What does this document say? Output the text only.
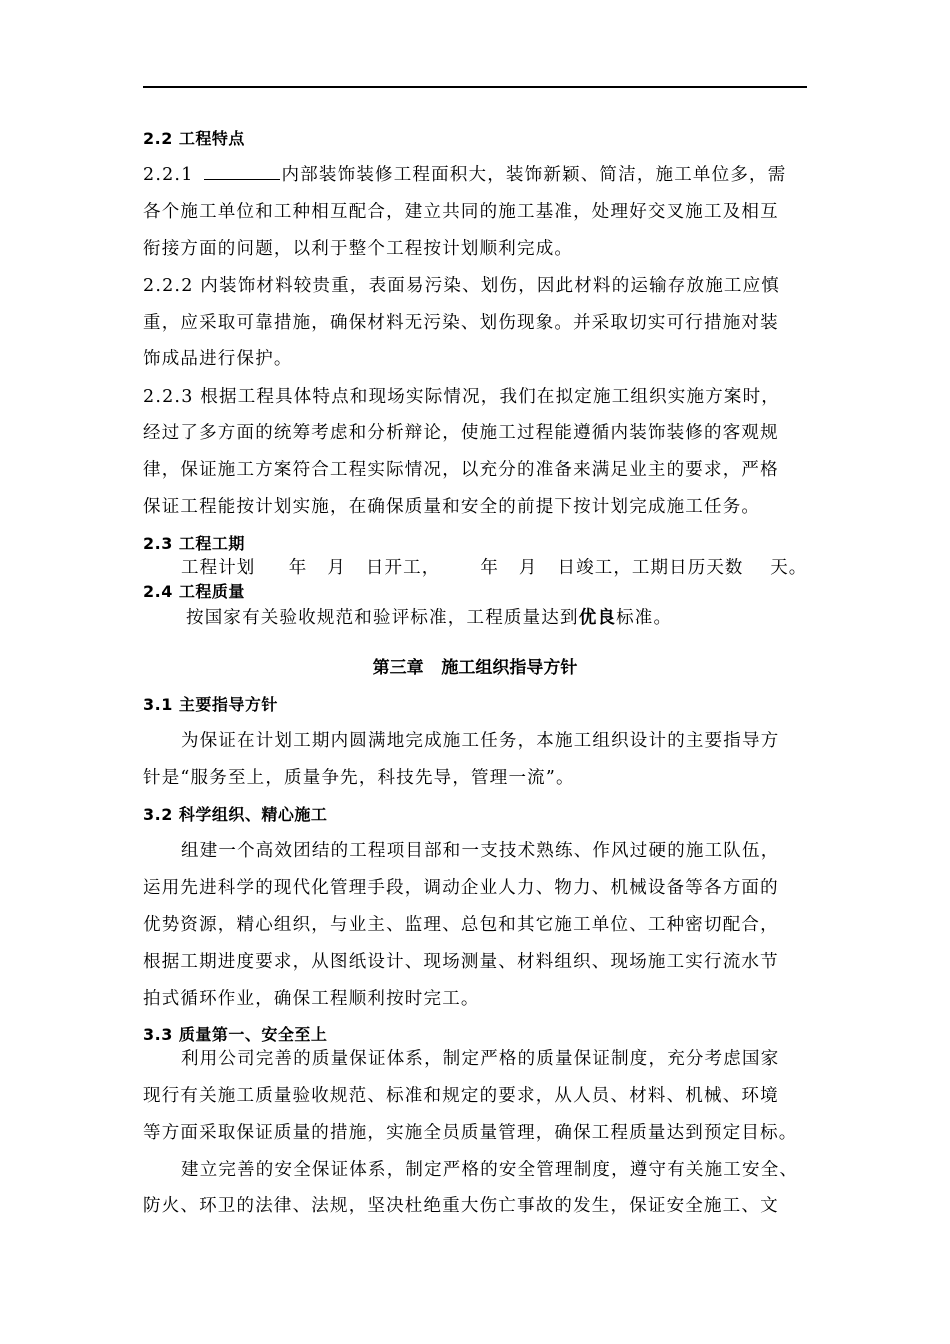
2.2 工程特点
2.2.1	内部装饰装修工程面积大，装饰新颖、简洁，施工单位多，需
各个施工单位和工种相互配合，建立共同的施工基准，处理好交叉施工及相互
衔接方面的问题，以利于整个工程按计划顺利完成。
2.2.2 内装饰材料较贵重，表面易污染、划伤，因此材料的运输存放施工应慎
重，应采取可靠措施，确保材料无污染、划伤现象。并采取切实可行措施对装
饰成品进行保护。
2.2.3 根据工程具体特点和现场实际情况，我们在拟定施工组织实施方案时，
经过了多方面的统筹考虑和分析辩论，使施工过程能遵循内装饰装修的客观规
律，保证施工方案符合工程实际情况，以充分的准备来满足业主的要求，严格
保证工程能按计划实施，在确保质量和安全的前提下按计划完成施工任务。
2.3 工程工期
工程计划     年   月   日开工，      年   月   日竣工，工期日历天数    天。
2.4 工程质量
按国家有关验收规范和验评标准，工程质量达到优良标准。
第三章   施工组织指导方针
3.1 主要指导方针
为保证在计划工期内圆满地完成施工任务，本施工组织设计的主要指导方
针是“服务至上，质量争先，科技先导，管理一流”。
3.2 科学组织、精心施工
组建一个高效团结的工程项目部和一支技术熟练、作风过硬的施工队伍，
运用先进科学的现代化管理手段，调动企业人力、物力、机械设备等各方面的
优势资源，精心组织，与业主、监理、总包和其它施工单位、工种密切配合，
根据工期进度要求，从图纸设计、现场测量、材料组织、现场施工实行流水节
拍式循环作业，确保工程顺利按时完工。
3.3 质量第一、安全至上
利用公司完善的质量保证体系，制定严格的质量保证制度，充分考虑国家
现行有关施工质量验收规范、标准和规定的要求，从人员、材料、机械、环境
等方面采取保证质量的措施，实施全员质量管理，确保工程质量达到预定目标。
建立完善的安全保证体系，制定严格的安全管理制度，遵守有关施工安全、
防火、环卫的法律、法规，坚决杜绝重大伤亡事故的发生，保证安全施工、文
